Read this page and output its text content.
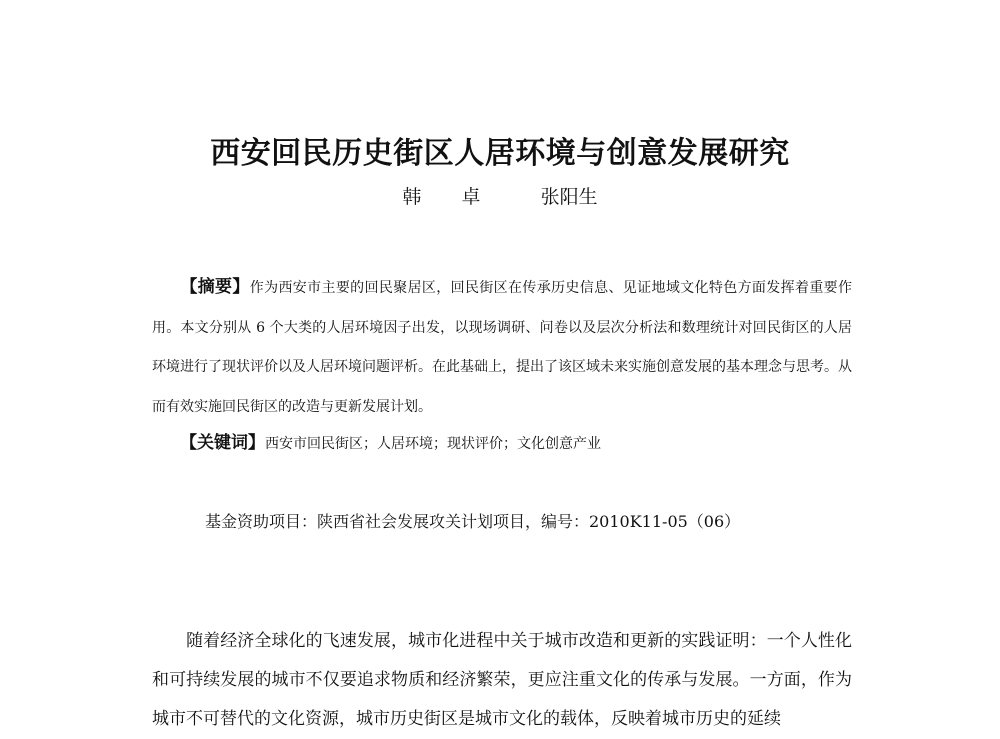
西安回民历史街区人居环境与创意发展研究
韩  卓   张阳生
【摘要】作为西安市主要的回民聚居区，回民街区在传承历史信息、见证地域文化特色方面发挥着重要作用。本文分别从 6 个大类的人居环境因子出发，以现场调研、问卷以及层次分析法和数理统计对回民街区的人居环境进行了现状评价以及人居环境问题评析。在此基础上，提出了该区域未来实施创意发展的基本理念与思考。从而有效实施回民街区的改造与更新发展计划。
【关键词】西安市回民街区；人居环境；现状评价；文化创意产业
基金资助项目：陕西省社会发展攻关计划项目，编号：2010K11-05（06）
随着经济全球化的飞速发展，城市化进程中关于城市改造和更新的实践证明：一个人性化和可持续发展的城市不仅要追求物质和经济繁荣，更应注重文化的传承与发展。一方面，作为城市不可替代的文化资源，城市历史街区是城市文化的载体，反映着城市历史的延续
